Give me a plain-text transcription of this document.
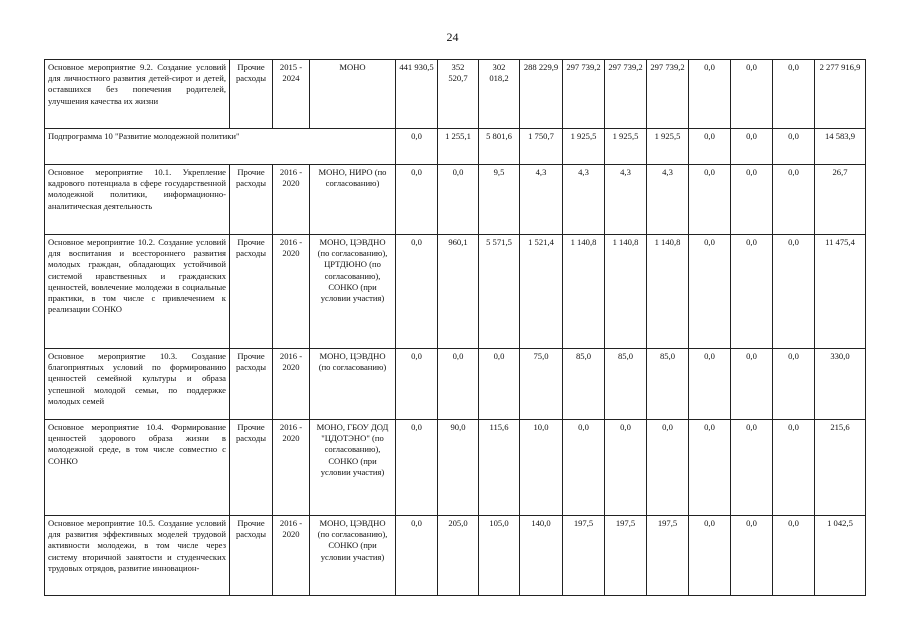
24
Основное мероприятие 9.2. Создание условий для личностного развития детей-сирот и детей, оставшихся без попечения родителей, улучшения качества их жизни	Прочие расходы	2015 - 2024	МОНО	441 930,5	352 520,7	302 018,2	288 229,9	297 739,2	297 739,2	297 739,2	0,0	0,0	0,0	2 277 916,9
Подпрограмма 10 "Развитие молодежной политики"				0,0	1 255,1	5 801,6	1 750,7	1 925,5	1 925,5	1 925,5	0,0	0,0	0,0	14 583,9
Основное мероприятие 10.1. Укрепление кадрового потенциала в сфере государственной молодежной политики, информационно-аналитическая деятельность	Прочие расходы	2016 - 2020	МОНО, НИРО (по согласованию)	0,0	0,0	9,5	4,3	4,3	4,3	4,3	0,0	0,0	0,0	26,7
Основное мероприятие 10.2. Создание условий для воспитания и всестороннего развития молодых граждан, обладающих устойчивой системой нравственных и гражданских ценностей, вовлечение молодежи в социальные практики, в том числе с привлечением к реализации СОНКО	Прочие расходы	2016 - 2020	МОНО, ЦЭВДНО (по согласованию), ЦРТДЮНО (по согласованию), СОНКО (при условии участия)	0,0	960,1	5 571,5	1 521,4	1 140,8	1 140,8	1 140,8	0,0	0,0	0,0	11 475,4
Основное мероприятие 10.3. Создание благоприятных условий по формированию ценностей семейной культуры и образа успешной молодой семьи, по поддержке молодых семей	Прочие расходы	2016 - 2020	МОНО, ЦЭВДНО (по согласованию)	0,0	0,0	0,0	75,0	85,0	85,0	85,0	0,0	0,0	0,0	330,0
Основное мероприятие 10.4. Формирование ценностей здорового образа жизни в молодежной среде, в том числе совместно с СОНКО	Прочие расходы	2016 - 2020	МОНО, ГБОУ ДОД "ЦДОТЭНО" (по согласованию), СОНКО (при условии участия)	0,0	90,0	115,6	10,0	0,0	0,0	0,0	0,0	0,0	0,0	215,6
Основное мероприятие 10.5. Создание условий для развития эффективных моделей трудовой активности молодежи, в том числе через систему вторичной занятости и студенческих трудовых отрядов, развитие инновацион-	Прочие расходы	2016 - 2020	МОНО, ЦЭВДНО (по согласованию), СОНКО (при условии участия)	0,0	205,0	105,0	140,0	197,5	197,5	197,5	0,0	0,0	0,0	1 042,5
